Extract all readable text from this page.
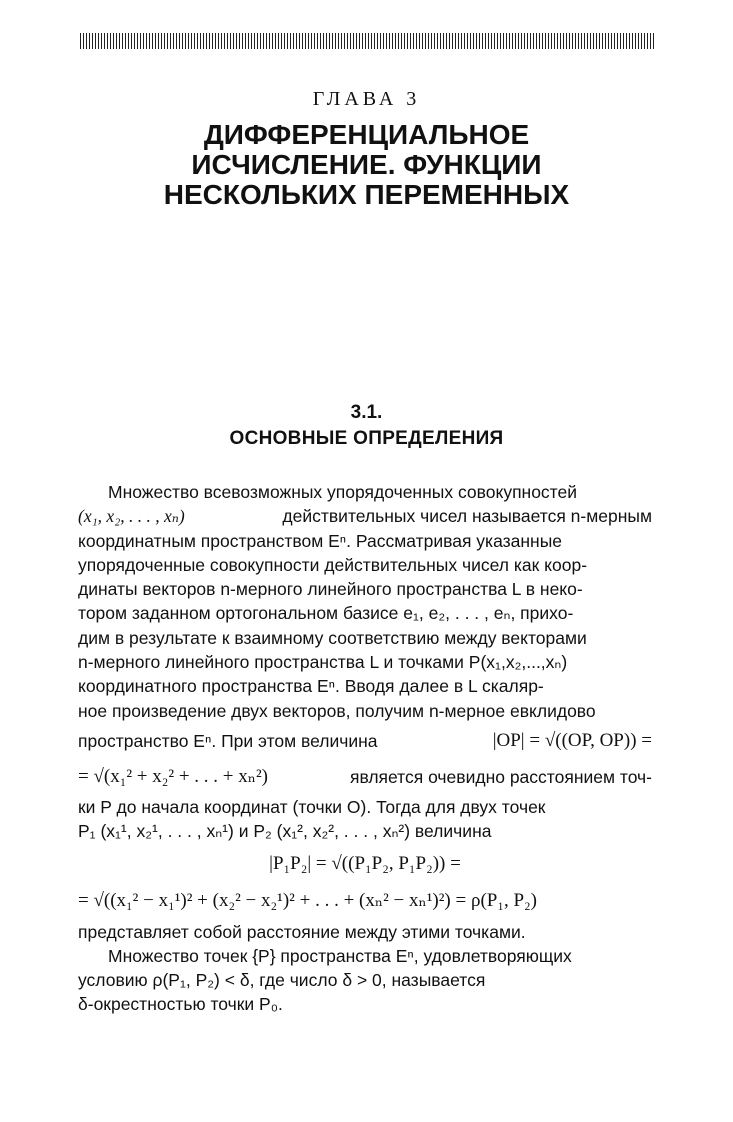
ГЛАВА 3
ДИФФЕРЕНЦИАЛЬНОЕ
ИСЧИСЛЕНИЕ. ФУНКЦИИ
НЕСКОЛЬКИХ ПЕРЕМЕННЫХ
3.1.
ОСНОВНЫЕ ОПРЕДЕЛЕНИЯ
Множество всевозможных упорядоченных совокупностей
(x₁, x₂, . . . , xₙ)	действительных чисел называется n-мерным
координатным пространством Eⁿ. Рассматривая указанные
упорядоченные совокупности действительных чисел как коор-
динаты векторов n-мерного линейного пространства L в неко-
тором заданном ортогональном базисе e₁, e₂, . . . , eₙ, прихо-
дим в результате к взаимному соответствию между векторами
n-мерного линейного пространства L и точками P(x₁,x₂,...,xₙ)
координатного пространства Eⁿ. Вводя далее в L скаляр-
ное произведение двух векторов, получим n-мерное евклидово
пространство Eⁿ. При этом величина	|OP| = √((OP, OP)) =
= √(x₁² + x₂² + . . . + xₙ²)	является очевидно расстоянием точ-
ки P до начала координат (точки O). Тогда для двух точек
P₁ (x₁¹, x₂¹, . . . , xₙ¹) и P₂ (x₁², x₂², . . . , xₙ²) величина
|P₁P₂| = √((P₁P₂, P₁P₂)) =
= √((x₁² − x₁¹)² + (x₂² − x₂¹)² + . . . + (xₙ² − xₙ¹)²) = ρ(P₁, P₂)
представляет собой расстояние между этими точками.
Множество точек {P} пространства Eⁿ, удовлетворяющих
условию ρ(P₁, P₂) < δ, где число δ > 0, называется
δ-окрестностью точки P₀.
